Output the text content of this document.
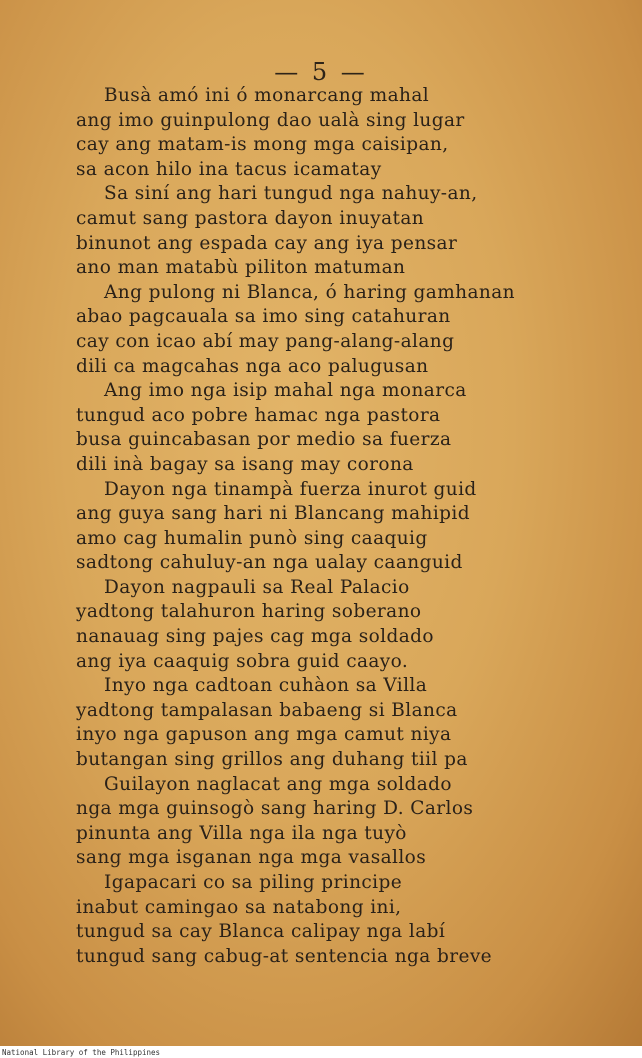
— 5 —
Busà amó ini ó monarcang mahal
ang imo guinpulong dao ualà sing lugar
cay ang matam-is mong mga caisipan,
sa acon hilo ina tacus icamatay
Sa siní ang hari tungud nga nahuy-an,
camut sang pastora dayon inuyatan
binunot ang espada cay ang iya pensar
ano man matabù piliton matuman
Ang pulong ni Blanca, ó haring gamhanan
abao pagcauala sa imo sing catahuran
cay con icao abí may pang-alang-alang
dili ca magcahas nga aco palugusan
Ang imo nga isip mahal nga monarca
tungud aco pobre hamac nga pastora
busa guincabasan por medio sa fuerza
dili inà bagay sa isang may corona
Dayon nga tinampà fuerza inurot guid
ang guya sang hari ni Blancang mahipid
amo cag humalin punò sing caaquig
sadtong cahuluy-an nga ualay caanguid
Dayon nagpauli sa Real Palacio
yadtong talahuron haring soberano
nanauag sing pajes cag mga soldado
ang iya caaquig sobra guid caayo.
Inyo nga cadtoan cuhàon sa Villa
yadtong tampalasan babaeng si Blanca
inyo nga gapuson ang mga camut niya
butangan sing grillos ang duhang tiil pa
Guilayon naglacat ang mga soldado
nga mga guinsogò sang haring D. Carlos
pinunta ang Villa nga ila nga tuyò
sang mga isganan nga mga vasallos
Igapacari co sa piling principe
inabut camingao sa natabong ini,
tungud sa cay Blanca calipay nga labí
tungud sang cabug-at sentencia nga breve
National Library of the Philippines
